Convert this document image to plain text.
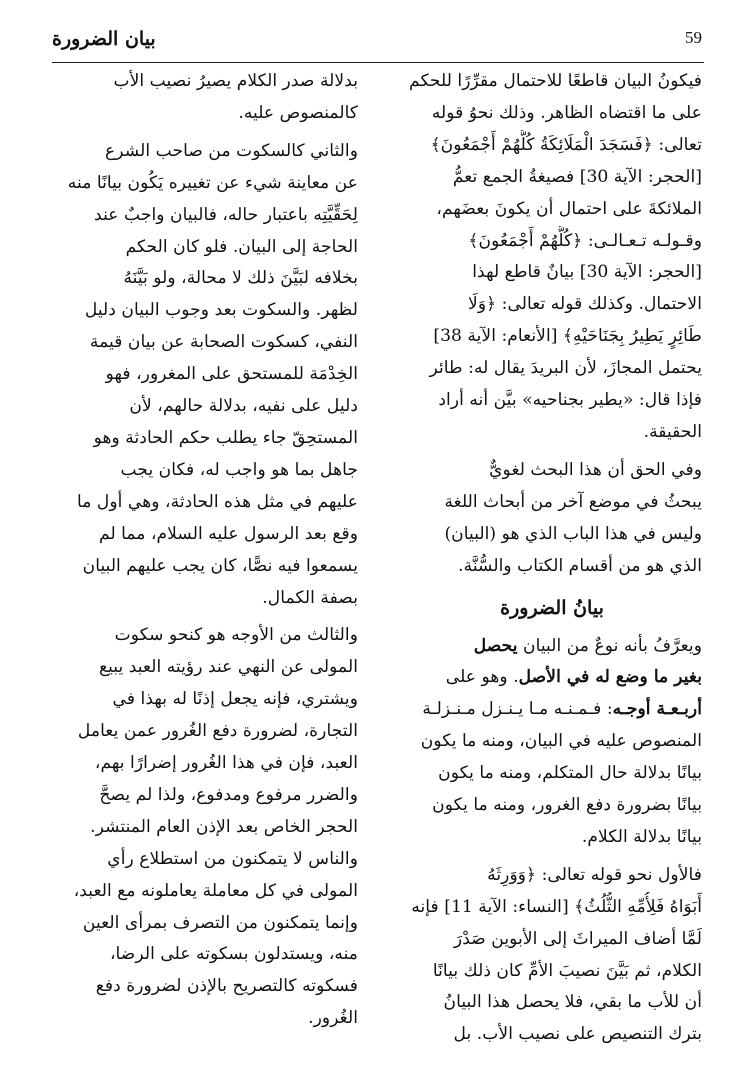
بيان الضرورة	59

فيكونُ البيان قاطعًا للاحتمال مقرِّرًا للحكم
على ما اقتضاه الظاهر. وذلك نحوُ قوله
تعالى: ﴿فَسَجَدَ الْمَلَائِكَةُ كُلُّهُمْ أَجْمَعُونَ﴾
[الحجر: الآية 30] فصيغةُ الجمع تعمُّ
الملائكةَ على احتمال أن يكونَ بعضَهم،
وقـولـه تـعـالـى: ﴿كُلُّهُمْ أَجْمَعُونَ﴾
[الحجر: الآية 30] بيانٌ قاطع لهذا
الاحتمال. وكذلك قوله تعالى: ﴿وَلَا
طَائِرٍ يَطِيرُ بِجَنَاحَيْهِ﴾ [الأنعام: الآية 38]
يحتمل المجازَ، لأن البريدَ يقال له: طائر
فإذا قال: «يطير بجناحيه» بيَّن أنه أراد
الحقيقة.

وفي الحق أن هذا البحث لغويٌّ
يبحثُ في موضع آخر من أبحاث اللغة
وليس في هذا الباب الذي هو (البيان)
الذي هو من أقسام الكتاب والسُّنَّة.

بيانُ الضرورة

ويعرَّفُ بأنه نوعٌ من البيان يحصل
بغير ما وضع له في الأصل. وهو على
أربـعـة أوجـه: فـمـنـه مـا يـنـزل مـنـزلـة
المنصوص عليه في البيان، ومنه ما يكون
بيانًا بدلالة حال المتكلم، ومنه ما يكون
بيانًا بضرورة دفع الغرور، ومنه ما يكون
بيانًا بدلالة الكلام.

فالأول نحو قوله تعالى: ﴿وَوَرِثَهُ
أَبَوَاهُ فَلِأُمِّهِ الثُّلُثُ﴾ [النساء: الآية 11] فإنه
لَمَّا أضاف الميراثَ إلى الأبوين صَدْرَ
الكلام، ثم بَيَّنَ نصيبَ الأمِّ كان ذلك بيانًا
أن للأب ما بقي، فلا يحصل هذا البيانُ
بترك التنصيص على نصيب الأب. بل

بدلالة صدر الكلام يصيرُ نصيب الأب
كالمنصوص عليه.

والثاني كالسكوت من صاحب الشرع
عن معاينة شيء عن تغييره يَكُون بيانًا منه
لِحَقِّيَّتِه باعتبار حاله، فالبيان واجبٌ عند
الحاجة إلى البيان. فلو كان الحكم
بخلافه لبَيَّنَ ذلك لا محالة، ولو بَيَّنَهُ
لظهر. والسكوت بعد وجوب البيان دليل
النفي، كسكوت الصحابة عن بيان قيمة
الخِدْمَة للمستحق على المغرور، فهو
دليل على نفيه، بدلالة حالهم، لأن
المستحِقّ جاء يطلب حكم الحادثة وهو
جاهل بما هو واجب له، فكان يجب
عليهم في مثل هذه الحادثة، وهي أول ما
وقع بعد الرسول عليه السلام، مما لم
يسمعوا فيه نصًّا، كان يجب عليهم البيان
بصفة الكمال.

والثالث من الأوجه هو كنحو سكوت
المولى عن النهي عند رؤيته العبد يبيع
ويشتري، فإنه يجعل إذنًا له بهذا في
التجارة، لضرورة دفع الغُرور عمن يعامل
العبد، فإن في هذا الغُرور إضرارًا بهم،
والضرر مرفوع ومدفوع، ولذا لم يصحَّ
الحجر الخاص بعد الإذن العام المنتشر.
والناس لا يتمكنون من استطلاع رأي
المولى في كل معاملة يعاملونه مع العبد،
وإنما يتمكنون من التصرف بمرأى العين
منه، ويستدلون بسكوته على الرضا،
فسكوته كالتصريح بالإذن لضرورة دفع
الغُرور.
